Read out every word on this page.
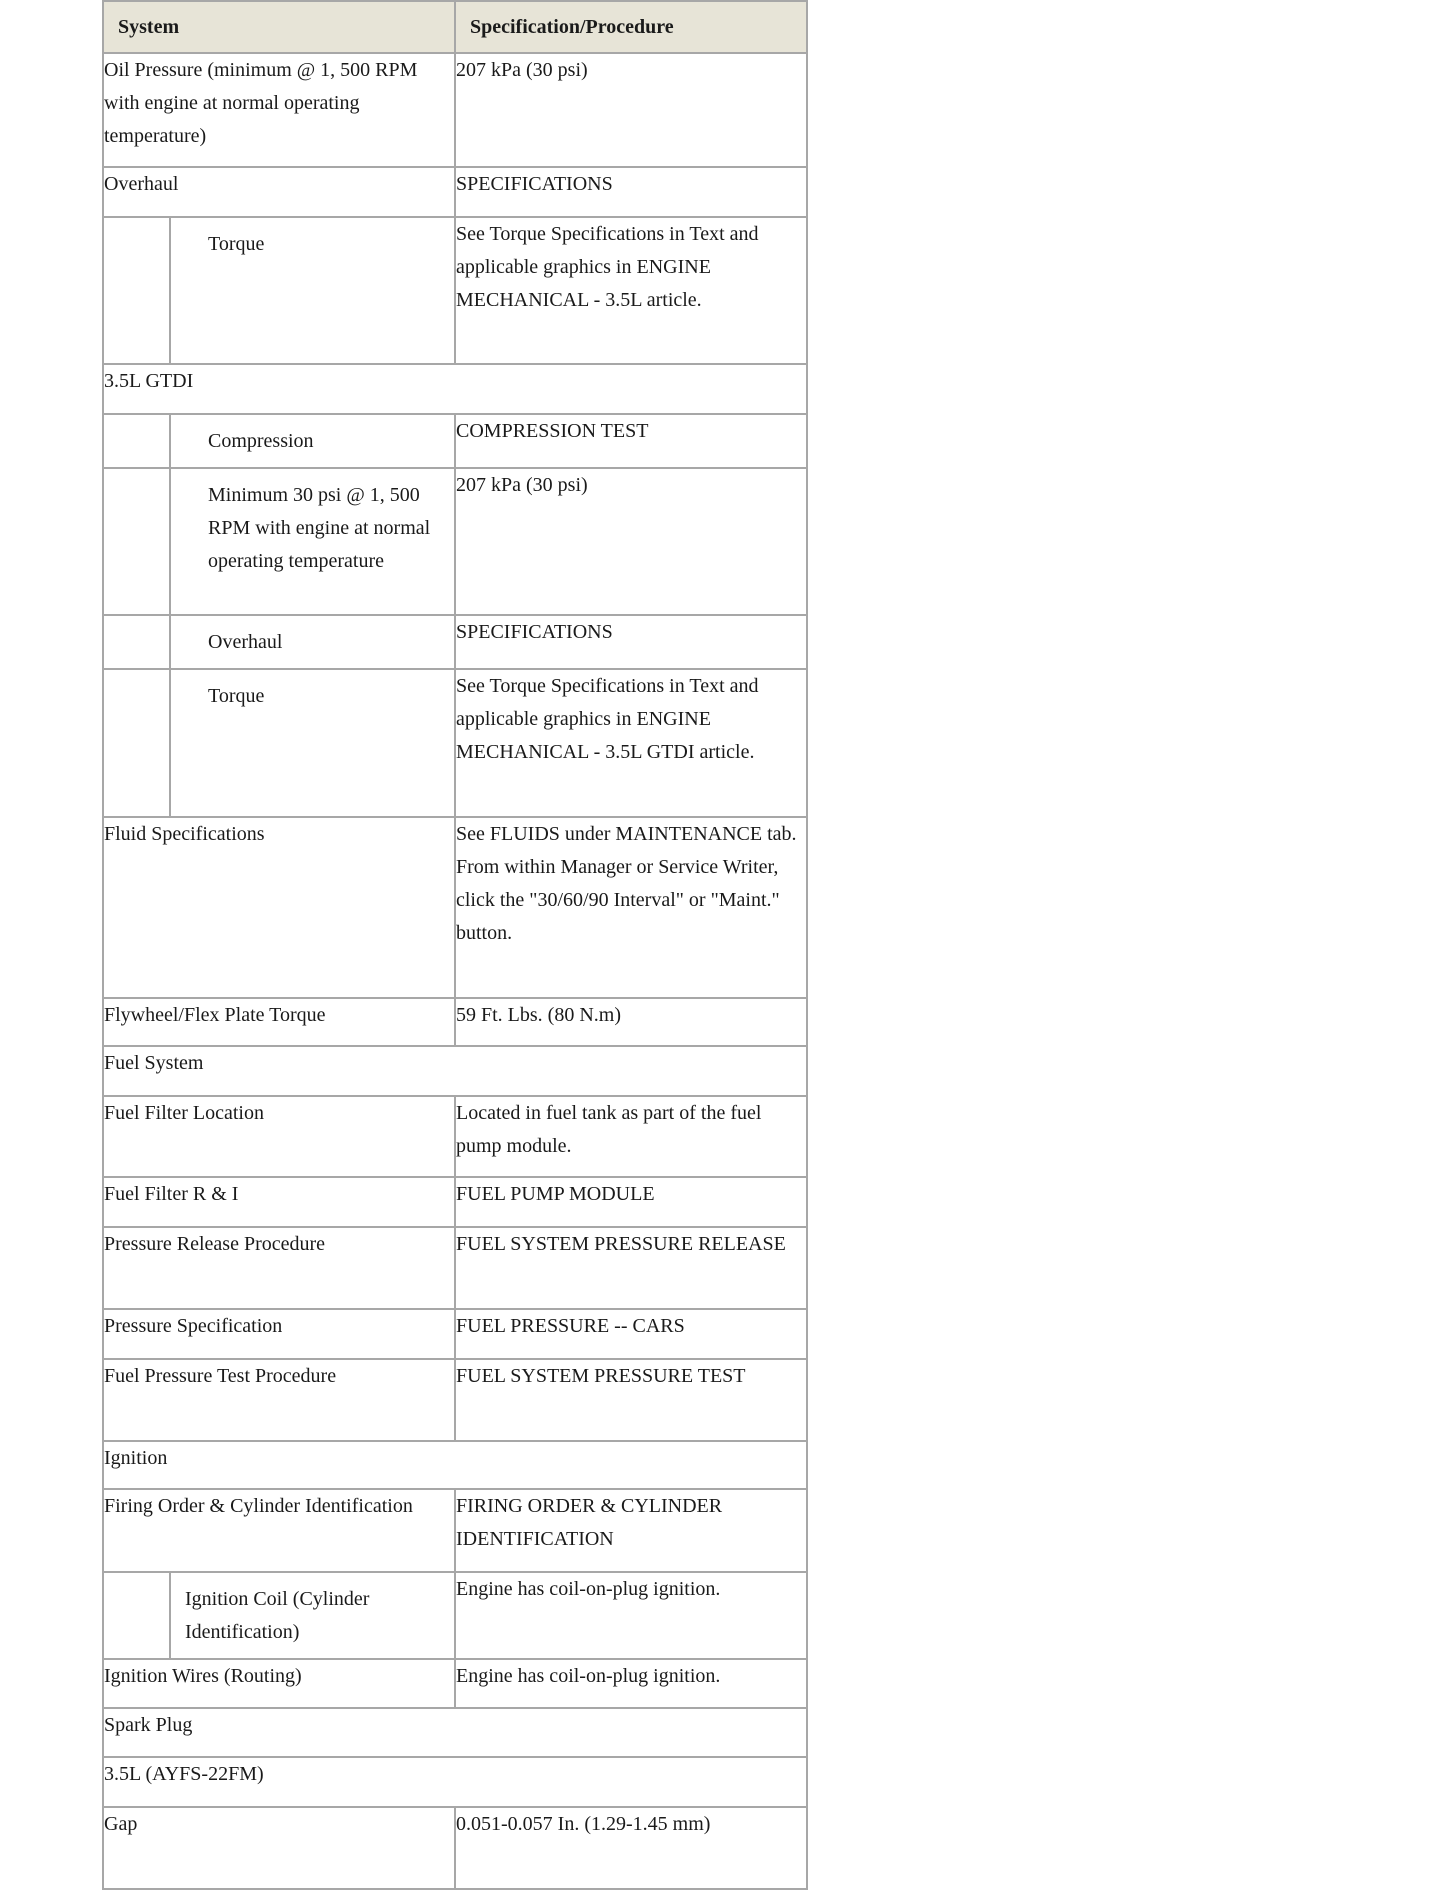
System	Specification/Procedure
Oil Pressure (minimum @ 1, 500 RPM with engine at normal operating temperature)	207 kPa (30 psi)
Overhaul	SPECIFICATIONS

Torque	See Torque Specifications in Text and applicable graphics in ENGINE MECHANICAL - 3.5L article.
3.5L GTDI	

Compression	COMPRESSION TEST

Minimum 30 psi @ 1, 500 RPM with engine at normal operating temperature	207 kPa (30 psi)

Overhaul	SPECIFICATIONS

Torque	See Torque Specifications in Text and applicable graphics in ENGINE MECHANICAL - 3.5L GTDI article.
Fluid Specifications	See FLUIDS under MAINTENANCE tab. From within Manager or Service Writer, click the "30/60/90 Interval" or "Maint." button.
Flywheel/Flex Plate Torque	59 Ft. Lbs. (80 N.m)
Fuel System	
Fuel Filter Location	Located in fuel tank as part of the fuel pump module.
Fuel Filter R & I	FUEL PUMP MODULE
Pressure Release Procedure	FUEL SYSTEM PRESSURE RELEASE
Pressure Specification	FUEL PRESSURE -- CARS
Fuel Pressure Test Procedure	FUEL SYSTEM PRESSURE TEST
Ignition	
Firing Order & Cylinder Identification	FIRING ORDER & CYLINDER IDENTIFICATION

Ignition Coil (Cylinder Identification)	Engine has coil-on-plug ignition.
Ignition Wires (Routing)	Engine has coil-on-plug ignition.
Spark Plug	
3.5L (AYFS-22FM)	
Gap	0.051-0.057 In. (1.29-1.45 mm)
